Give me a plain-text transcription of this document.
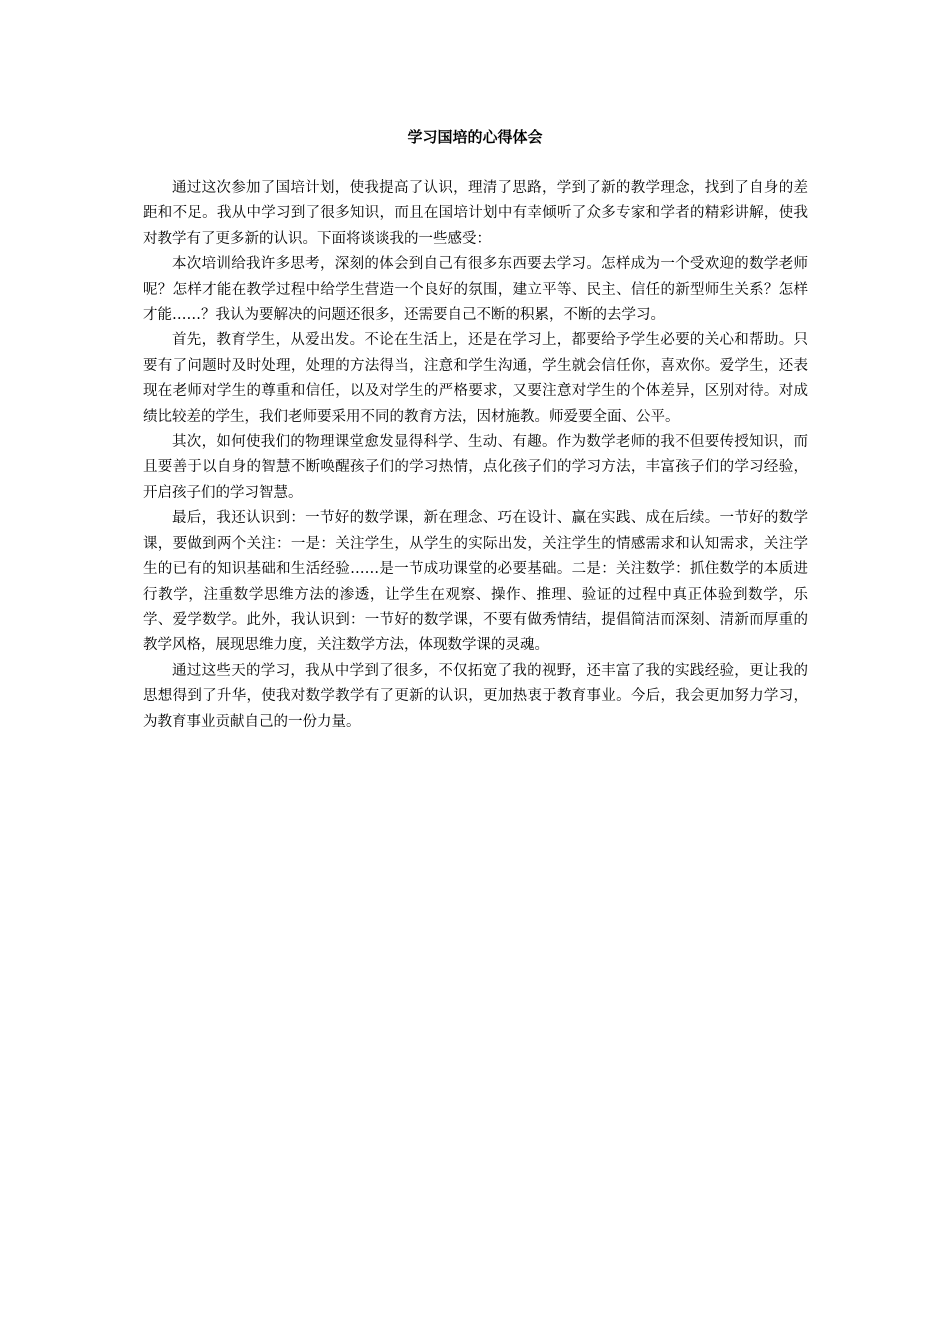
学习国培的心得体会

通过这次参加了国培计划，使我提高了认识，理清了思路，学到了新的教学理念，找到了自身的差距和不足。我从中学习到了很多知识，而且在国培计划中有幸倾听了众多专家和学者的精彩讲解，使我对教学有了更多新的认识。下面将谈谈我的一些感受：

本次培训给我许多思考，深刻的体会到自己有很多东西要去学习。怎样成为一个受欢迎的数学老师呢？怎样才能在教学过程中给学生营造一个良好的氛围，建立平等、民主、信任的新型师生关系？怎样才能……？我认为要解决的问题还很多，还需要自己不断的积累，不断的去学习。

首先，教育学生，从爱出发。不论在生活上，还是在学习上，都要给予学生必要的关心和帮助。只要有了问题时及时处理，处理的方法得当，注意和学生沟通，学生就会信任你，喜欢你。爱学生，还表现在老师对学生的尊重和信任，以及对学生的严格要求，又要注意对学生的个体差异，区别对待。对成绩比较差的学生，我们老师要采用不同的教育方法，因材施教。师爱要全面、公平。

其次，如何使我们的物理课堂愈发显得科学、生动、有趣。作为数学老师的我不但要传授知识，而且要善于以自身的智慧不断唤醒孩子们的学习热情，点化孩子们的学习方法，丰富孩子们的学习经验，开启孩子们的学习智慧。

最后，我还认识到：一节好的数学课，新在理念、巧在设计、赢在实践、成在后续。一节好的数学课，要做到两个关注：一是：关注学生，从学生的实际出发，关注学生的情感需求和认知需求，关注学生的已有的知识基础和生活经验……是一节成功课堂的必要基础。二是：关注数学：抓住数学的本质进行教学，注重数学思维方法的渗透，让学生在观察、操作、推理、验证的过程中真正体验到数学，乐学、爱学数学。此外，我认识到：一节好的数学课，不要有做秀情结，提倡简洁而深刻、清新而厚重的教学风格，展现思维力度，关注数学方法，体现数学课的灵魂。

通过这些天的学习，我从中学到了很多，不仅拓宽了我的视野，还丰富了我的实践经验，更让我的思想得到了升华，使我对数学教学有了更新的认识，更加热衷于教育事业。今后，我会更加努力学习，为教育事业贡献自己的一份力量。
